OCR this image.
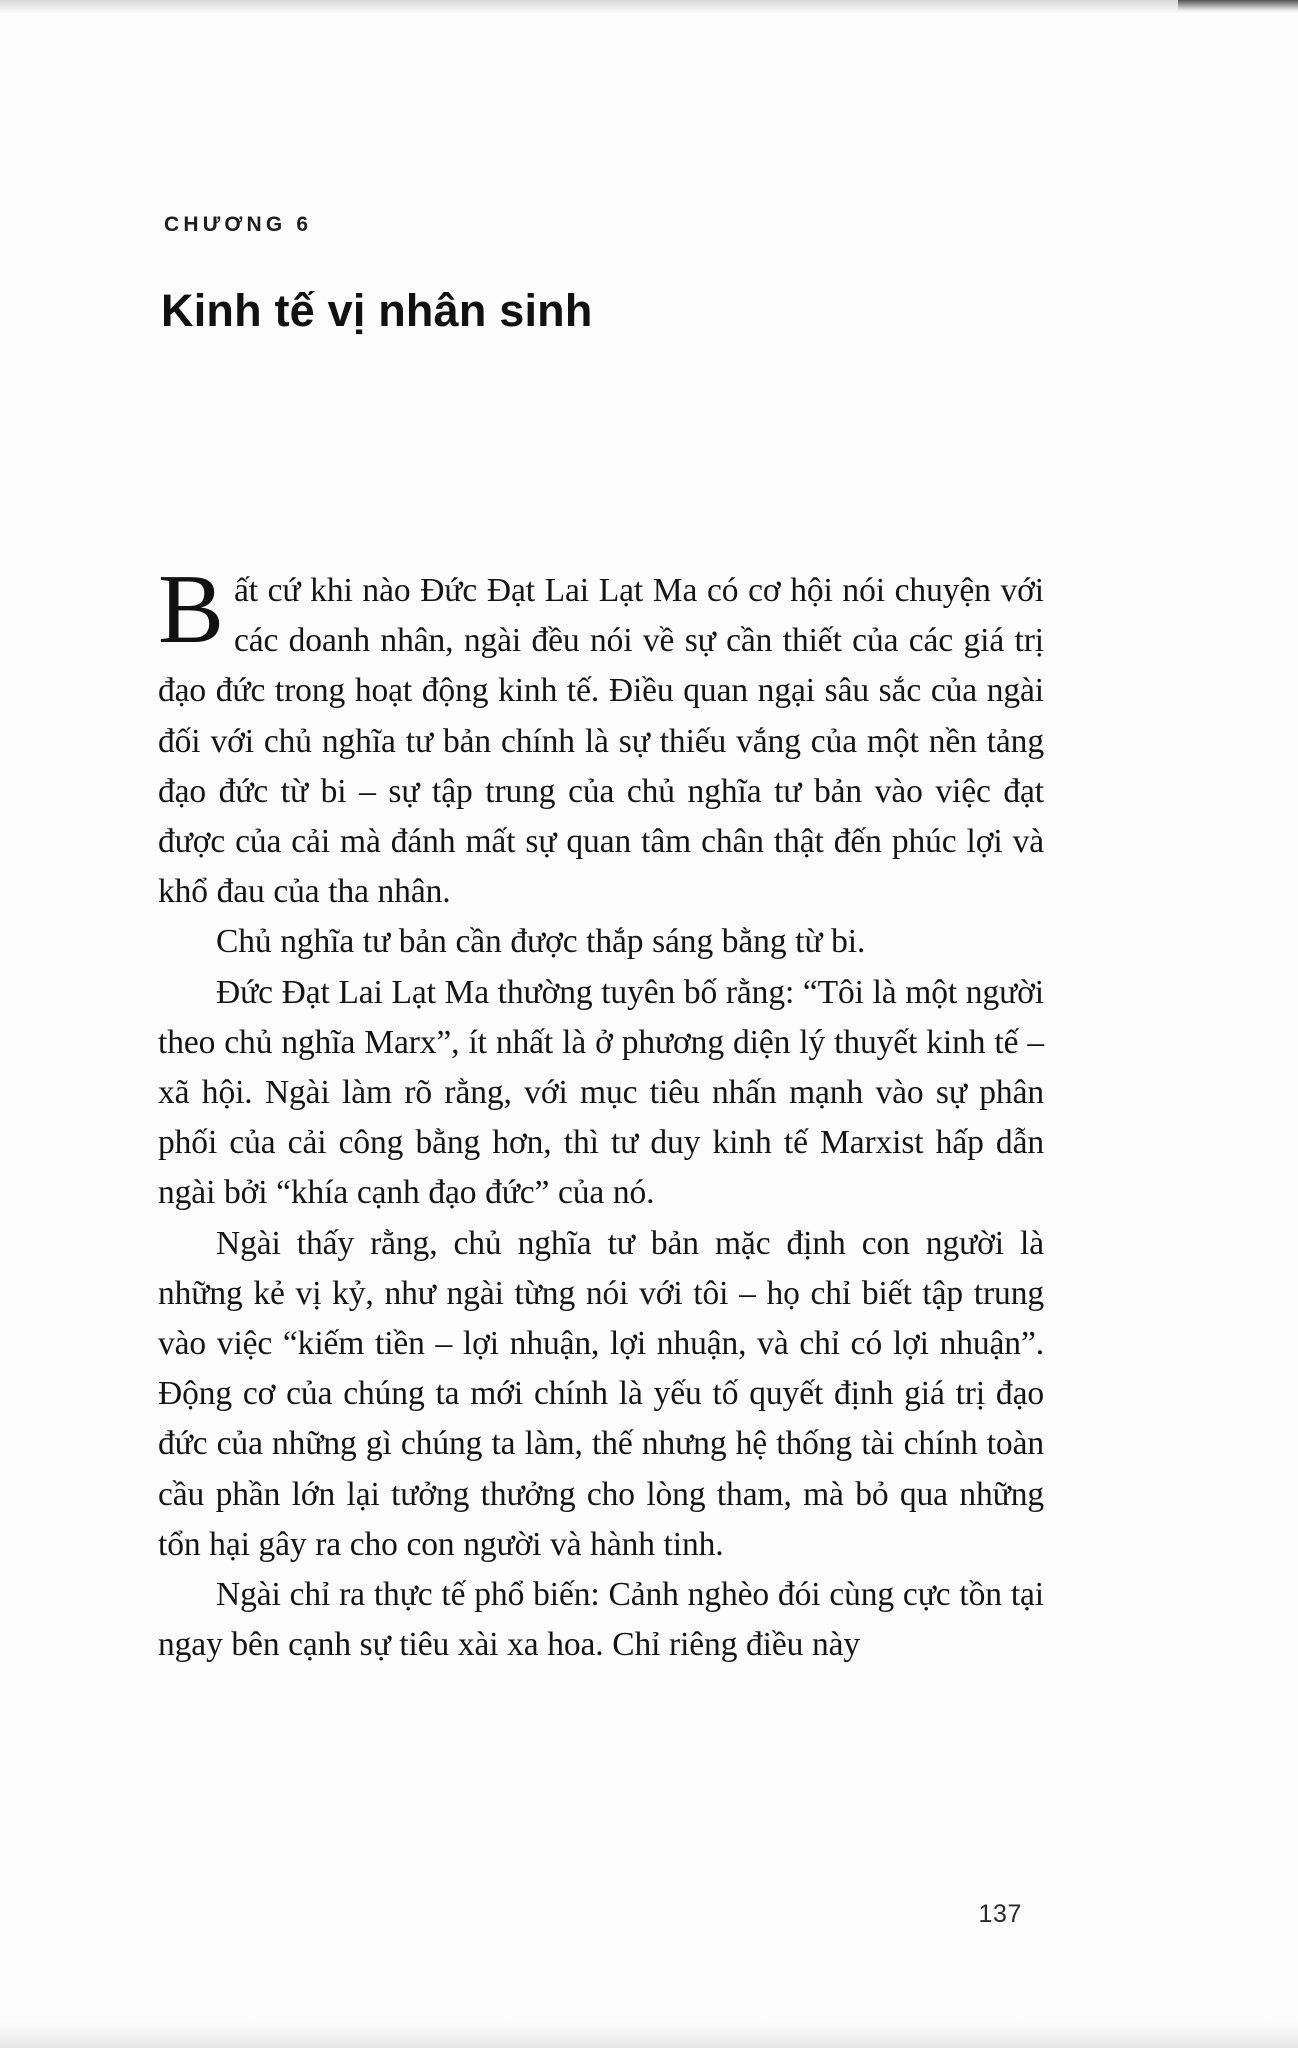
CHƯƠNG 6
Kinh tế vị nhân sinh

Bất cứ khi nào Đức Đạt Lai Lạt Ma có cơ hội nói chuyện với các doanh nhân, ngài đều nói về sự cần thiết của các giá trị đạo đức trong hoạt động kinh tế. Điều quan ngại sâu sắc của ngài đối với chủ nghĩa tư bản chính là sự thiếu vắng của một nền tảng đạo đức từ bi – sự tập trung của chủ nghĩa tư bản vào việc đạt được của cải mà đánh mất sự quan tâm chân thật đến phúc lợi và khổ đau của tha nhân.

Chủ nghĩa tư bản cần được thắp sáng bằng từ bi.

Đức Đạt Lai Lạt Ma thường tuyên bố rằng: “Tôi là một người theo chủ nghĩa Marx”, ít nhất là ở phương diện lý thuyết kinh tế – xã hội. Ngài làm rõ rằng, với mục tiêu nhấn mạnh vào sự phân phối của cải công bằng hơn, thì tư duy kinh tế Marxist hấp dẫn ngài bởi “khía cạnh đạo đức” của nó.

Ngài thấy rằng, chủ nghĩa tư bản mặc định con người là những kẻ vị kỷ, như ngài từng nói với tôi – họ chỉ biết tập trung vào việc “kiếm tiền – lợi nhuận, lợi nhuận, và chỉ có lợi nhuận”. Động cơ của chúng ta mới chính là yếu tố quyết định giá trị đạo đức của những gì chúng ta làm, thế nhưng hệ thống tài chính toàn cầu phần lớn lại tưởng thưởng cho lòng tham, mà bỏ qua những tổn hại gây ra cho con người và hành tinh.

Ngài chỉ ra thực tế phổ biến: Cảnh nghèo đói cùng cực tồn tại ngay bên cạnh sự tiêu xài xa hoa. Chỉ riêng điều này

137
